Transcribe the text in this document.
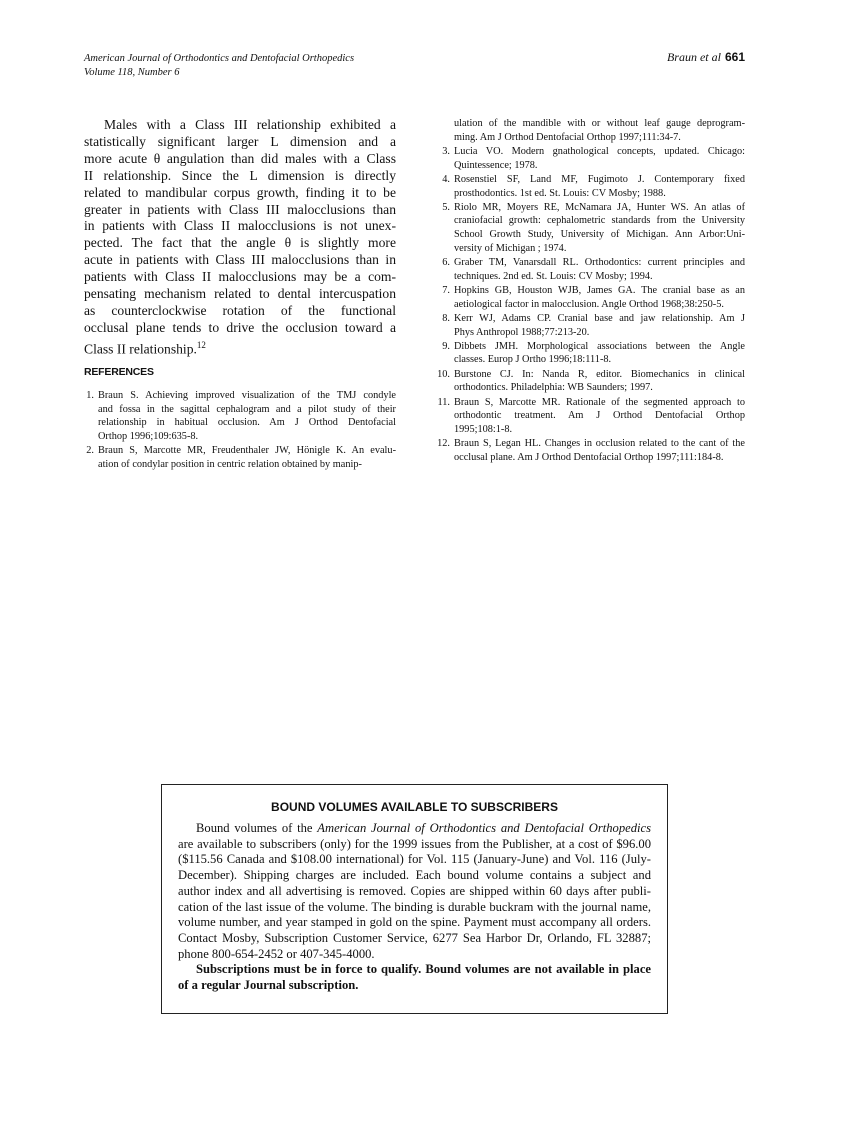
American Journal of Orthodontics and Dentofacial Orthopedics
Volume 118, Number 6
Braun et al 661
Males with a Class III relationship exhibited a
statistically significant larger L dimension and a
more acute θ angulation than did males with a Class
II relationship. Since the L dimension is directly
related to mandibular corpus growth, finding it to be
greater in patients with Class III malocclusions than
in patients with Class II malocclusions is not unex-
pected. The fact that the angle θ is slightly more
acute in patients with Class III malocclusions than in
patients with Class II malocclusions may be a com-
pensating mechanism related to dental intercuspation
as counterclockwise rotation of the functional
occlusal plane tends to drive the occlusion toward a
Class II relationship.$^{12}$
REFERENCES
1. Braun S. Achieving improved visualization of the TMJ condyle
and fossa in the sagittal cephalogram and a pilot study of their
relationship in habitual occlusion. Am J Orthod Dentofacial
Orthop 1996;109:635-8.
2. Braun S, Marcotte MR, Freudenthaler JW, Hönigle K. An evalu-
ation of condylar position in centric relation obtained by manip-
ulation of the mandible with or without leaf gauge deprogram-
ming. Am J Orthod Dentofacial Orthop 1997;111:34-7.
3. Lucia VO. Modern gnathological concepts, updated. Chicago:
Quintessence; 1978.
4. Rosenstiel SF, Land MF, Fugimoto J. Contemporary fixed
prosthodontics. 1st ed. St. Louis: CV Mosby; 1988.
5. Riolo MR, Moyers RE, McNamara JA, Hunter WS. An atlas of
craniofacial growth: cephalometric standards from the University
School Growth Study, University of Michigan. Ann Arbor:Uni-
versity of Michigan ; 1974.
6. Graber TM, Vanarsdall RL. Orthodontics: current principles and
techniques. 2nd ed. St. Louis: CV Mosby; 1994.
7. Hopkins GB, Houston WJB, James GA. The cranial base as an
aetiological factor in malocclusion. Angle Orthod 1968;38:250-5.
8. Kerr WJ, Adams CP. Cranial base and jaw relationship. Am J
Phys Anthropol 1988;77:213-20.
9. Dibbets JMH. Morphological associations between the Angle
classes. Europ J Ortho 1996;18:111-8.
10. Burstone CJ. In: Nanda R, editor. Biomechanics in clinical
orthodontics. Philadelphia: WB Saunders; 1997.
11. Braun S, Marcotte MR. Rationale of the segmented approach to
orthodontic treatment. Am J Orthod Dentofacial Orthop
1995;108:1-8.
12. Braun S, Legan HL. Changes in occlusion related to the cant of the
occlusal plane. Am J Orthod Dentofacial Orthop 1997;111:184-8.
BOUND VOLUMES AVAILABLE TO SUBSCRIBERS
Bound volumes of the American Journal of Orthodontics and Dentofacial Orthopedics
are available to subscribers (only) for the 1999 issues from the Publisher, at a cost of $96.00
($115.56 Canada and $108.00 international) for Vol. 115 (January-June) and Vol. 116 (July-
December). Shipping charges are included. Each bound volume contains a subject and
author index and all advertising is removed. Copies are shipped within 60 days after publi-
cation of the last issue of the volume. The binding is durable buckram with the journal name,
volume number, and year stamped in gold on the spine. Payment must accompany all orders.
Contact Mosby, Subscription Customer Service, 6277 Sea Harbor Dr, Orlando, FL 32887;
phone 800-654-2452 or 407-345-4000.
Subscriptions must be in force to qualify. Bound volumes are not available in place
of a regular Journal subscription.
